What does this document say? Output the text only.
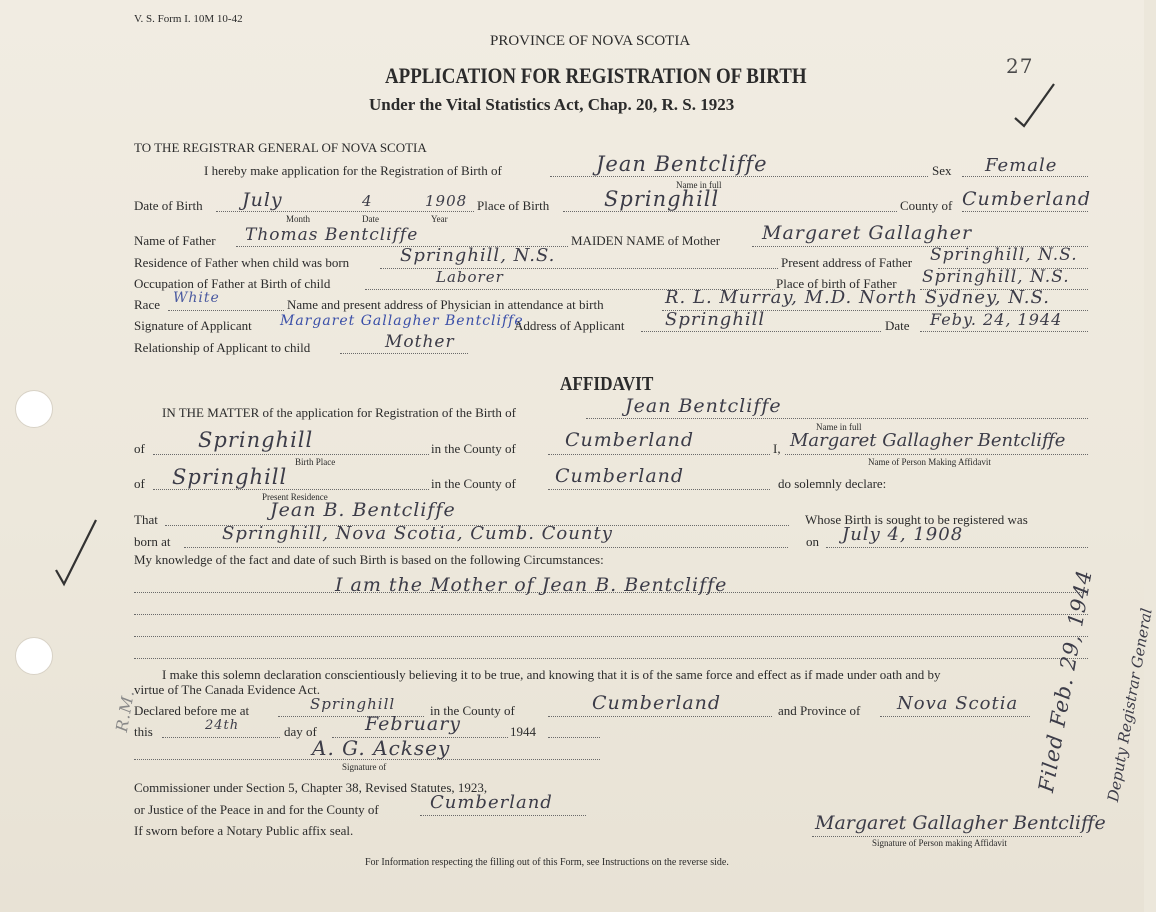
V. S. Form I. 10M 10-42
27
PROVINCE OF NOVA SCOTIA
APPLICATION FOR REGISTRATION OF BIRTH
Under the Vital Statistics Act, Chap. 20, R. S. 1923
TO THE REGISTRAR GENERAL OF NOVA SCOTIA
I hereby make application for the Registration of Birth of	Jean Bentcliffe
Name in full
Sex Female
Date of Birth July	4	1908
Month	Date	Year
Place of Birth	Springhill	County of Cumberland
Name of Father Thomas Bentcliffe	MAIDEN NAME of Mother Margaret Gallagher
Residence of Father when child was born	Springhill, N.S.	Present address of Father Springhill, N.S.
Occupation of Father at Birth of child	Laborer	Place of birth of Father Springhill, N.S.
Race White	Name and present address of Physician in attendance at birth	R. L. Murray, M.D. North Sydney, N.S.
Signature of Applicant Margaret Gallagher Bentcliffe
Address of Applicant Springhill	Date Feby. 24, 1944
Relationship of Applicant to child	Mother
AFFIDAVIT
IN THE MATTER of the application for Registration of the Birth of	Jean Bentcliffe
Name in full
of	Springhill
Birth Place
in the County of	Cumberland	I, Margaret Gallagher Bentcliffe
Name of Person Making Affidavit
of Springhill
Present Residence
in the County of Cumberland	do solemnly declare:
That	Jean B. Bentcliffe	Whose Birth is sought to be registered was
born at	Springhill, Nova Scotia, Cumb. County	on July 4, 1908
My knowledge of the fact and date of such Birth is based on the following Circumstances:
I am the Mother of Jean B. Bentcliffe
I make this solemn declaration conscientiously believing it to be true, and knowing that it is of the same force and effect as if made under oath and by
virtue of The Canada Evidence Act.
Declared before me at	Springhill	in the County of	Cumberland	and Province of Nova Scotia
this	24th	day of	February	1944
A. G. Acksey
Signature of
Commissioner under Section 5, Chapter 38, Revised Statutes, 1923,
or Justice of the Peace in and for the County of	Cumberland
If sworn before a Notary Public affix seal.	Margaret Gallagher Bentcliffe
Signature of Person making Affidavit
R.M.	Filed Feb. 29, 1944 Deputy Registrar General
For Information respecting the filling out of this Form, see Instructions on the reverse side.
